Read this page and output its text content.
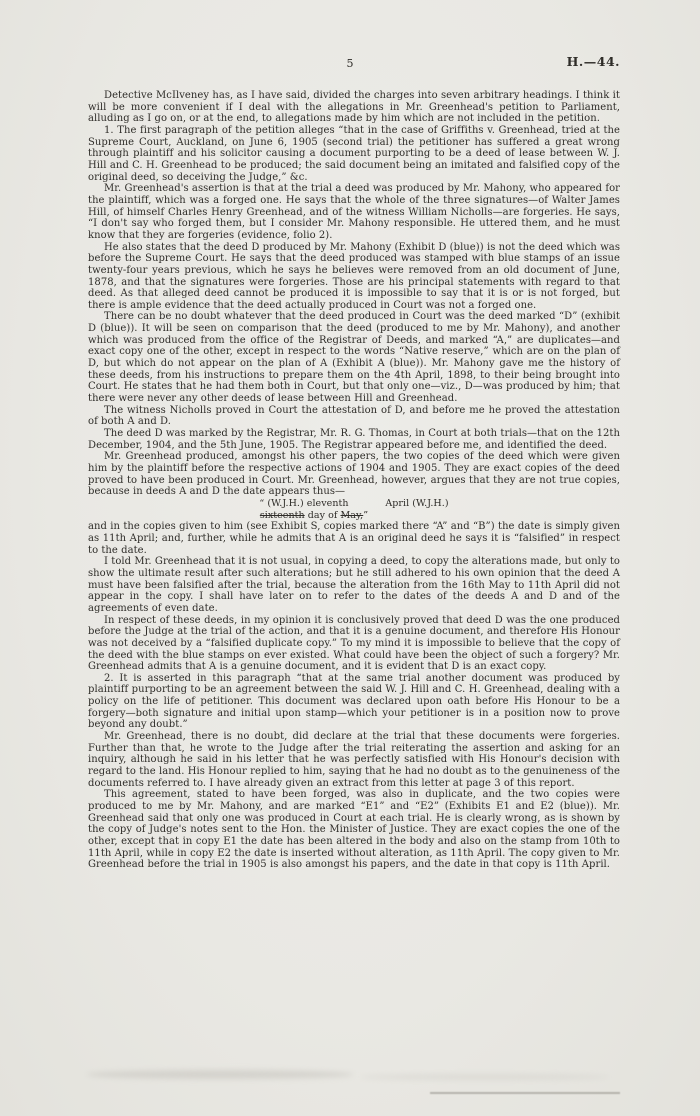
5	H.—44.

Detective McIlveney has, as I have said, divided the charges into seven arbitrary headings. I think it will be more convenient if I deal with the allegations in Mr. Greenhead's petition to Parliament, alluding as I go on, or at the end, to allegations made by him which are not included in the petition.

1. The first paragraph of the petition alleges “that in the case of Griffiths v. Greenhead, tried at the Supreme Court, Auckland, on June 6, 1905 (second trial) the petitioner has suffered a great wrong through plaintiff and his solicitor causing a document purporting to be a deed of lease between W. J. Hill and C. H. Greenhead to be produced; the said document being an imitated and falsified copy of the original deed, so deceiving the Judge,” &c.

Mr. Greenhead's assertion is that at the trial a deed was produced by Mr. Mahony, who appeared for the plaintiff, which was a forged one. He says that the whole of the three signatures—of Walter James Hill, of himself Charles Henry Greenhead, and of the witness William Nicholls—are forgeries. He says, “I don't say who forged them, but I consider Mr. Mahony responsible. He uttered them, and he must know that they are forgeries (evidence, folio 2).

He also states that the deed D produced by Mr. Mahony (Exhibit D (blue)) is not the deed which was before the Supreme Court. He says that the deed produced was stamped with blue stamps of an issue twenty-four years previous, which he says he believes were removed from an old document of June, 1878, and that the signatures were forgeries. Those are his principal statements with regard to that deed. As that alleged deed cannot be produced it is impossible to say that it is or is not forged, but there is ample evidence that the deed actually produced in Court was not a forged one.

There can be no doubt whatever that the deed produced in Court was the deed marked “D” (exhibit D (blue)). It will be seen on comparison that the deed (produced to me by Mr. Mahony), and another which was produced from the office of the Registrar of Deeds, and marked “A,” are duplicates—and exact copy one of the other, except in respect to the words “Native reserve,” which are on the plan of D, but which do not appear on the plan of A (Exhibit A (blue)). Mr. Mahony gave me the history of these deeds, from his instructions to prepare them on the 4th April, 1898, to their being brought into Court. He states that he had them both in Court, but that only one—viz., D—was produced by him; that there were never any other deeds of lease between Hill and Greenhead.

The witness Nicholls proved in Court the attestation of D, and before me he proved the attestation of both A and D.

The deed D was marked by the Registrar, Mr. R. G. Thomas, in Court at both trials—that on the 12th December, 1904, and the 5th June, 1905. The Registrar appeared before me, and identified the deed.

Mr. Greenhead produced, amongst his other papers, the two copies of the deed which were given him by the plaintiff before the respective actions of 1904 and 1905. They are exact copies of the deed proved to have been produced in Court. Mr. Greenhead, however, argues that they are not true copies, because in deeds A and D the date appears thus—

“ (W.J.H.) eleventh            April (W.J.H.)
sixteenth day of May,”

and in the copies given to him (see Exhibit S, copies marked there “A” and “B”) the date is simply given as 11th April; and, further, while he admits that A is an original deed he says it is “falsified” in respect to the date.

I told Mr. Greenhead that it is not usual, in copying a deed, to copy the alterations made, but only to show the ultimate result after such alterations; but he still adhered to his own opinion that the deed A must have been falsified after the trial, because the alteration from the 16th May to 11th April did not appear in the copy. I shall have later on to refer to the dates of the deeds A and D and of the agreements of even date.

In respect of these deeds, in my opinion it is conclusively proved that deed D was the one produced before the Judge at the trial of the action, and that it is a genuine document, and therefore His Honour was not deceived by a “falsified duplicate copy.” To my mind it is impossible to believe that the copy of the deed with the blue stamps on ever existed. What could have been the object of such a forgery? Mr. Greenhead admits that A is a genuine document, and it is evident that D is an exact copy.

2. It is asserted in this paragraph “that at the same trial another document was produced by plaintiff purporting to be an agreement between the said W. J. Hill and C. H. Greenhead, dealing with a policy on the life of petitioner. This document was declared upon oath before His Honour to be a forgery—both signature and initial upon stamp—which your petitioner is in a position now to prove beyond any doubt.”

Mr. Greenhead, there is no doubt, did declare at the trial that these documents were forgeries. Further than that, he wrote to the Judge after the trial reiterating the assertion and asking for an inquiry, although he said in his letter that he was perfectly satisfied with His Honour's decision with regard to the land. His Honour replied to him, saying that he had no doubt as to the genuineness of the documents referred to. I have already given an extract from this letter at page 3 of this report.

This agreement, stated to have been forged, was also in duplicate, and the two copies were produced to me by Mr. Mahony, and are marked “E1” and “E2” (Exhibits E1 and E2 (blue)). Mr. Greenhead said that only one was produced in Court at each trial. He is clearly wrong, as is shown by the copy of Judge's notes sent to the Hon. the Minister of Justice. They are exact copies the one of the other, except that in copy E1 the date has been altered in the body and also on the stamp from 10th to 11th April, while in copy E2 the date is inserted without alteration, as 11th April. The copy given to Mr. Greenhead before the trial in 1905 is also amongst his papers, and the date in that copy is 11th April.
